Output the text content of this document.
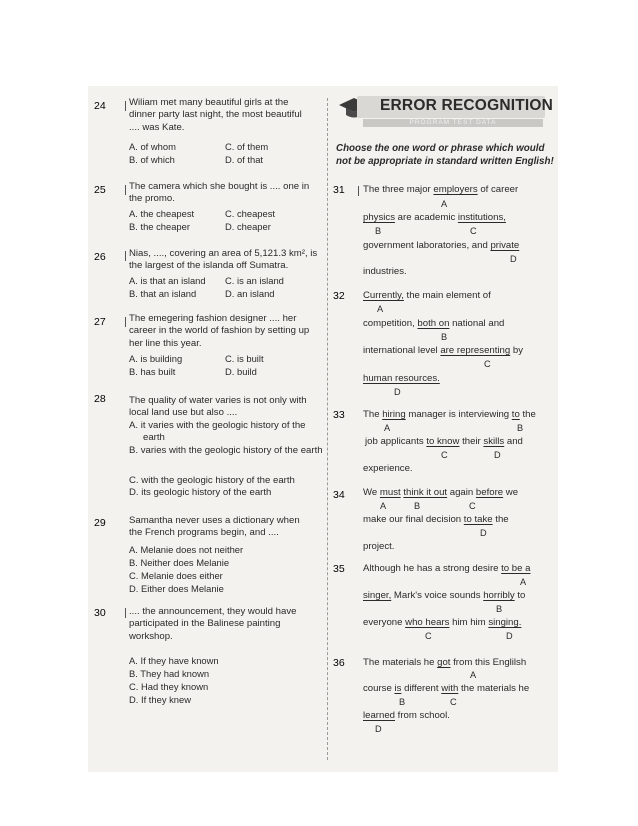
24 Wiliam met many beautiful girls at the dinner party last night, the most beautiful .... was Kate.
A. of whom	C. of them
B. of which	D. of that
25 The camera which she bought is .... one in the promo.
A. the cheapest	C. cheapest
B. the cheaper	D. cheaper
26 Nias, ...., covering an area of 5,121.3 km², is the largest of the islanda off Sumatra.
A. is that an island C. is an island
B. that an island	D. an island
27 The emegering fashion designer .... her career in the world of fashion by setting up her line this year.
A. is building	C. is built
B. has built	D. build
28 The quality of water varies is not only with local land use but also ....
A. it varies with the geologic history of the earth
B. varies with the geologic history of the earth
C. with the geologic history of the earth
D. its geologic history of the earth
29 Samantha never uses a dictionary when the French programs begin, and ....
A. Melanie does not neither
B. Neither does Melanie
C. Melanie does either
D. Either does Melanie
30 .... the announcement, they would have participated in the Balinese painting workshop.
A. If they have known
B. They had known
C. Had they known
D. If they knew
ERROR RECOGNITION
PROGRAM TEST DATA
Choose the one word or phrase which would not be appropriate in standard written English!
31 The three major employers of career
A
physics are academic institutions,
B	C
government laboratories, and private
D
industries.
32 Currently, the main element of
A
competition, both on national and
B
international level are representing by
C
human resources.
D
33 The hiring manager is interviewing to the
A	B
job applicants to know their skills and
C	D
experience.
34 We must think it out again before we
A	B	C
make our final decision to take the
D
project.
35 Although he has a strong desire to be a
A
singer, Mark's voice sounds horribly to
B
everyone who hears him him singing.
C	D
36 The materials he got from this Englilsh
A
course is different with the materials he
B	C
learned from school.
D
